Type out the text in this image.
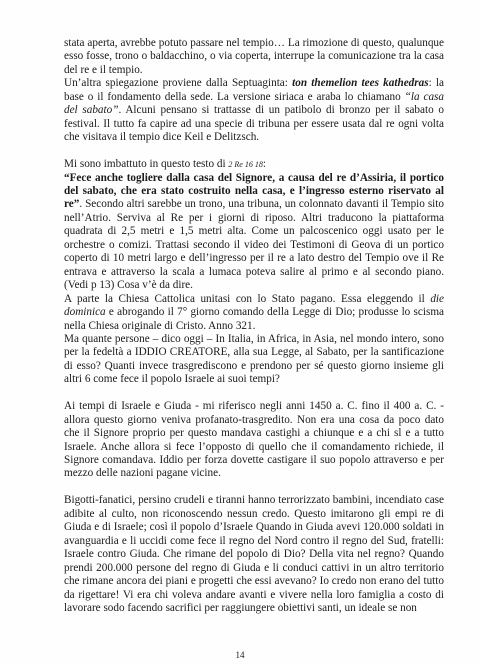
stata aperta, avrebbe potuto passare nel tempio… La rimozione di questo, qualunque esso fosse, trono o baldacchino, o via coperta, interrupe la comunicazione tra la casa del re e il tempio.

Un’altra spiegazione proviene dalla Septuaginta: ton themelion tees kathedras: la base o il fondamento della sede. La versione siriaca e araba lo chiamano “la casa del sabato”. Alcuni pensano si trattasse di un patibolo di bronzo per il sabato o festival. Il tutto fa capire ad una specie di tribuna per essere usata dal re ogni volta che visitava il tempio dice Keil e Delitzsch.

Mi sono imbattuto in questo testo di 2 Re 16 18:

“Fece anche togliere dalla casa del Signore, a causa del re d’Assiria, il portico del sabato, che era stato costruito nella casa, e l’ingresso esterno riservato al re”. Secondo altri sarebbe un trono, una tribuna, un colonnato davanti il Tempio sito nell’Atrio. Serviva al Re per i giorni di riposo. Altri traducono la piattaforma quadrata di 2,5 metri e 1,5 metri alta. Come un palcoscenico oggi usato per le orchestre o comizi. Trattasi secondo il video dei Testimoni di Geova di un portico coperto di 10 metri largo e dell’ingresso per il re a lato destro del Tempio ove il Re entrava e attraverso la scala a lumaca poteva salire al primo e al secondo piano. (Vedi p 13) Cosa v’è da dire.

A parte la Chiesa Cattolica unitasi con lo Stato pagano. Essa eleggendo il die dominica e abrogando il 7° giorno comando della Legge di Dio; produsse lo scisma nella Chiesa originale di Cristo. Anno 321.

Ma quante persone – dico oggi – In Italia, in Africa, in Asia, nel mondo intero, sono per la fedeltà a IDDIO CREATORE, alla sua Legge, al Sabato, per la santificazione di esso? Quanti invece trasgrediscono e prendono per sé questo giorno insieme gli altri 6 come fece il popolo Israele ai suoi tempi?

Ai tempi di Israele e Giuda - mi riferisco negli anni 1450 a. C. fino il 400 a. C. - allora questo giorno veniva profanato-trasgredito. Non era una cosa da poco dato che il Signore proprio per questo mandava castighi a chiunque e a chi sl e a tutto Israele. Anche allora si fece l’opposto di quello che il comandamento richiede, il Signore comandava. Iddio per forza dovette castigare il suo popolo attraverso e per mezzo delle nazioni pagane vicine.

Bigotti-fanatici, persino crudeli e tiranni hanno terrorizzato bambini, incendiato case adibite al culto, non riconoscendo nessun credo. Questo imitarono gli empi re di Giuda e di Israele; così il popolo d’Israele Quando in Giuda avevi 120.000 soldati in avanguardia e li uccidi come fece il regno del Nord contro il regno del Sud, fratelli: Israele contro Giuda. Che rimane del popolo di Dio? Della vita nel regno? Quando prendi 200.000 persone del regno di Giuda e li conduci cattivi in un altro territorio che rimane ancora dei piani e progetti che essi avevano? Io credo non erano del tutto da rigettare! Vi era chi voleva andare avanti e vivere nella loro famiglia a costo di lavorare sodo facendo sacrifici per raggiungere obiettivi santi, un ideale se non

14
